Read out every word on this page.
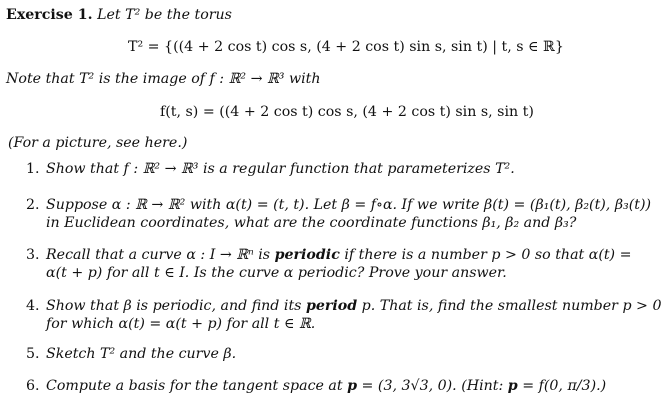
Exercise 1. Let T² be the torus
T² = {((4 + 2 cos t) cos s, (4 + 2 cos t) sin s, sin t) | t, s ∈ ℝ}
Note that T² is the image of f : ℝ² → ℝ³ with
f(t, s) = ((4 + 2 cos t) cos s, (4 + 2 cos t) sin s, sin t)
(For a picture, see here.)
1. Show that f : ℝ² → ℝ³ is a regular function that parameterizes T².
2. Suppose α : ℝ → ℝ² with α(t) = (t, t). Let β = f∘α. If we write β(t) = (β₁(t), β₂(t), β₃(t))
in Euclidean coordinates, what are the coordinate functions β₁, β₂ and β₃?
3. Recall that a curve α : I → ℝⁿ is periodic if there is a number p > 0 so that α(t) =
α(t + p) for all t ∈ I. Is the curve α periodic? Prove your answer.
4. Show that β is periodic, and find its period p. That is, find the smallest number p > 0
for which α(t) = α(t + p) for all t ∈ ℝ.
5. Sketch T² and the curve β.
6. Compute a basis for the tangent space at p = (3, 3√3, 0). (Hint: p = f(0, π/3).)
